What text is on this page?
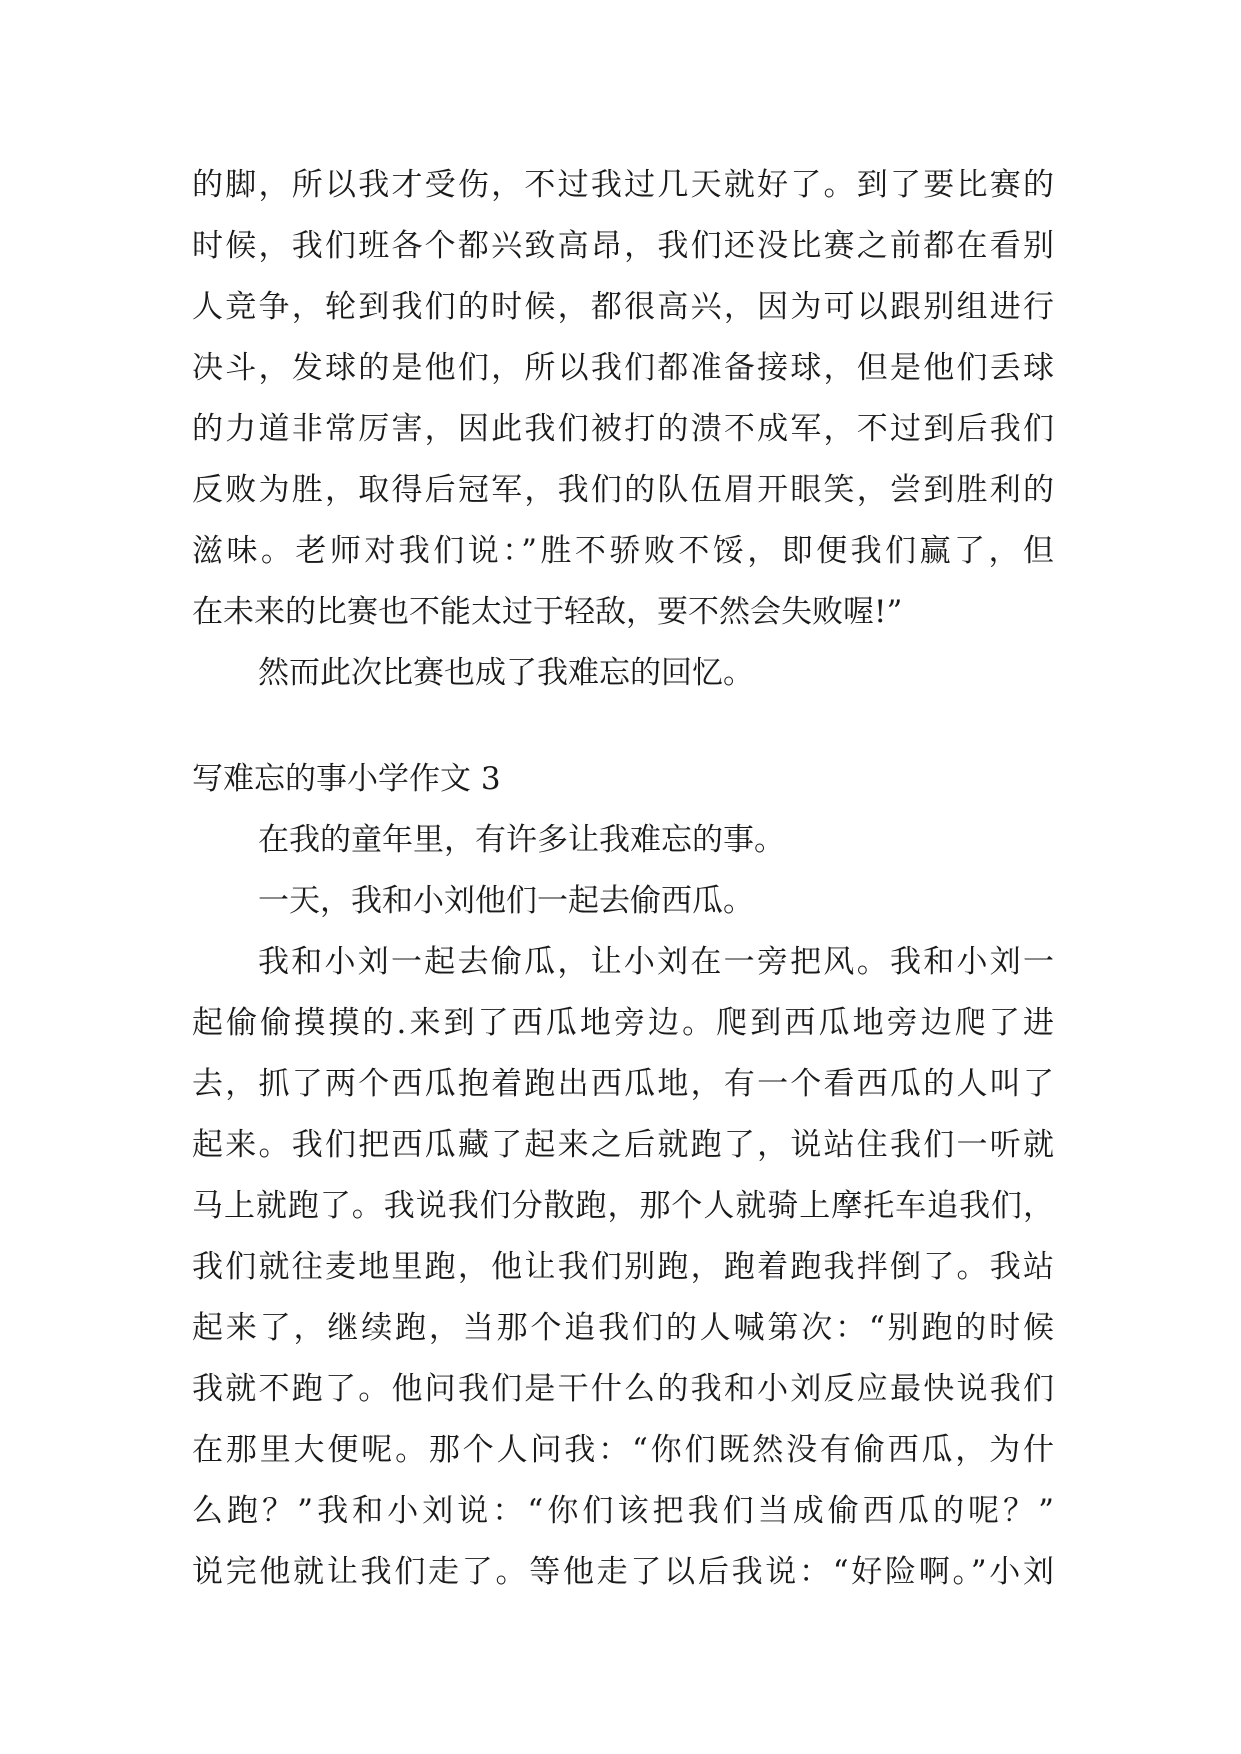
的脚，所以我才受伤，不过我过几天就好了。到了要比赛的
时候，我们班各个都兴致高昂，我们还没比赛之前都在看别
人竞争，轮到我们的时候，都很高兴，因为可以跟别组进行
决斗，发球的是他们，所以我们都准备接球，但是他们丢球
的力道非常厉害，因此我们被打的溃不成军，不过到后我们
反败为胜，取得后冠军，我们的队伍眉开眼笑，尝到胜利的
滋味。老师对我们说：”胜不骄败不馁，即便我们赢了，但
在未来的比赛也不能太过于轻敌，要不然会失败喔!”
然而此次比赛也成了我难忘的回忆。
写难忘的事小学作文 3
在我的童年里，有许多让我难忘的事。
一天，我和小刘他们一起去偷西瓜。
我和小刘一起去偷瓜，让小刘在一旁把风。我和小刘一
起偷偷摸摸的.来到了西瓜地旁边。爬到西瓜地旁边爬了进
去，抓了两个西瓜抱着跑出西瓜地，有一个看西瓜的人叫了
起来。我们把西瓜藏了起来之后就跑了，说站住我们一听就
马上就跑了。我说我们分散跑，那个人就骑上摩托车追我们，
我们就往麦地里跑，他让我们别跑，跑着跑我拌倒了。我站
起来了，继续跑，当那个追我们的人喊第次：“别跑的时候
我就不跑了。他问我们是干什么的我和小刘反应最快说我们
在那里大便呢。那个人问我：“你们既然没有偷西瓜，为什
么跑？”我和小刘说：“你们该把我们当成偷西瓜的呢？”
说完他就让我们走了。等他走了以后我说：“好险啊。”小刘
